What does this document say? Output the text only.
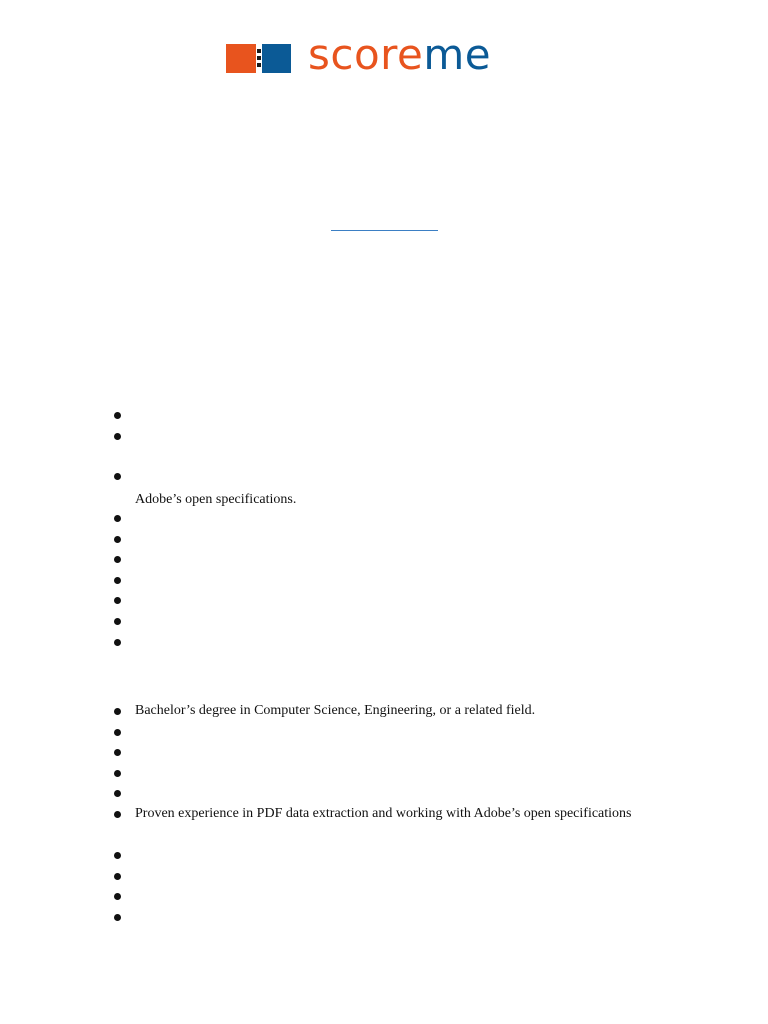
scoreme
Adobe’s open specifications.
Bachelor’s degree in Computer Science, Engineering, or a related field.
Proven experience in PDF data extraction and working with Adobe’s open specifications
